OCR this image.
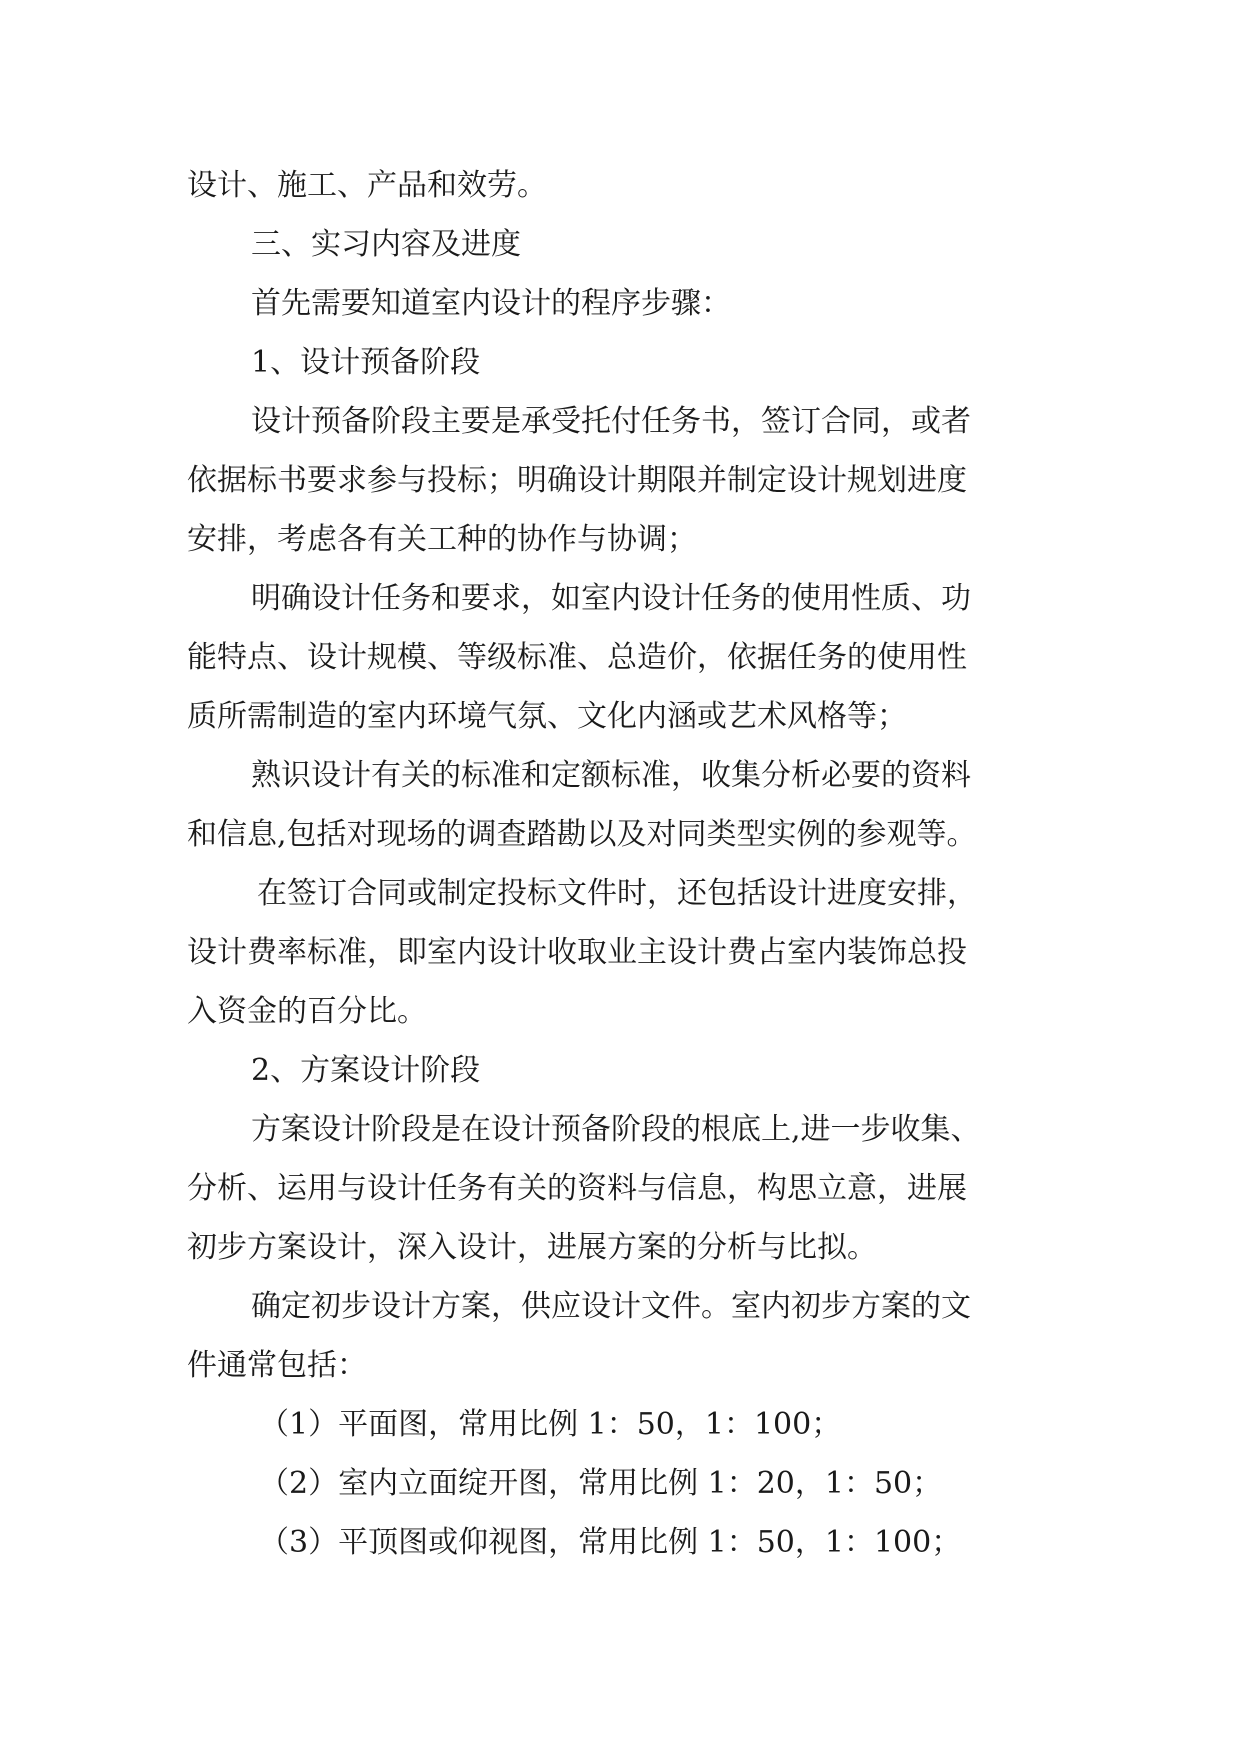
设计、施工、产品和效劳。
三、实习内容及进度
首先需要知道室内设计的程序步骤：
1、设计预备阶段
设计预备阶段主要是承受托付任务书，签订合同，或者
依据标书要求参与投标；明确设计期限并制定设计规划进度
安排，考虑各有关工种的协作与协调；
明确设计任务和要求，如室内设计任务的使用性质、功
能特点、设计规模、等级标准、总造价，依据任务的使用性
质所需制造的室内环境气氛、文化内涵或艺术风格等；
熟识设计有关的标准和定额标准，收集分析必要的资料
和信息,包括对现场的调查踏勘以及对同类型实例的参观等。
在签订合同或制定投标文件时，还包括设计进度安排，
设计费率标准，即室内设计收取业主设计费占室内装饰总投
入资金的百分比。
2、方案设计阶段
方案设计阶段是在设计预备阶段的根底上,进一步收集、
分析、运用与设计任务有关的资料与信息，构思立意，进展
初步方案设计，深入设计，进展方案的分析与比拟。
确定初步设计方案，供应设计文件。室内初步方案的文
件通常包括：
（1）平面图，常用比例 1：50，1：100；
（2）室内立面绽开图，常用比例 1：20，1：50；
（3）平顶图或仰视图，常用比例 1：50，1：100；
